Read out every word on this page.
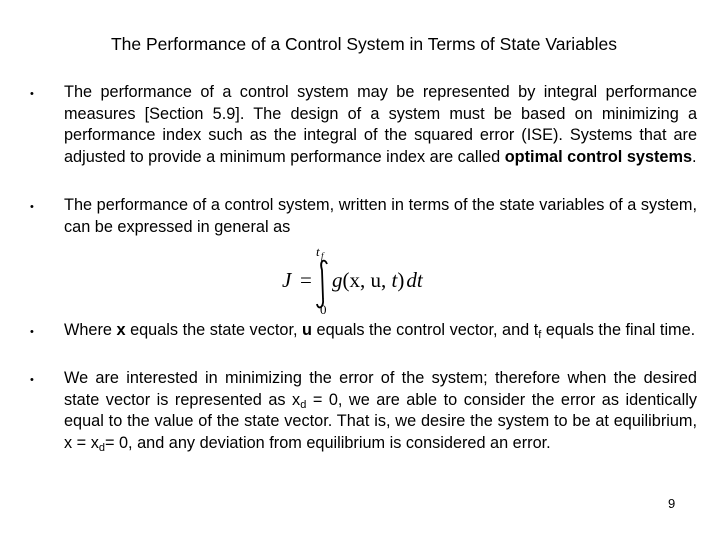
The Performance of a Control System in Terms of State Variables
• The performance of a control system may be represented by integral performance measures [Section 5.9]. The design of a system must be based on minimizing a performance index such as the integral of the squared error (ISE). Systems that are adjusted to provide a minimum performance index are called optimal control systems.
• The performance of a control system, written in terms of the state variables of a system, can be expressed in general as
• Where x equals the state vector, u equals the control vector, and $t_f$ equals the final time.
• We are interested in minimizing the error of the system; therefore when the desired state vector is represented as $x_d = 0$, we are able to consider the error as identically equal to the value of the state vector. That is, we desire the system to be at equilibrium, $x = x_d= 0$, and any deviation from equilibrium is considered an error.
J =
t f
0
g(x, u, t)dt
9
